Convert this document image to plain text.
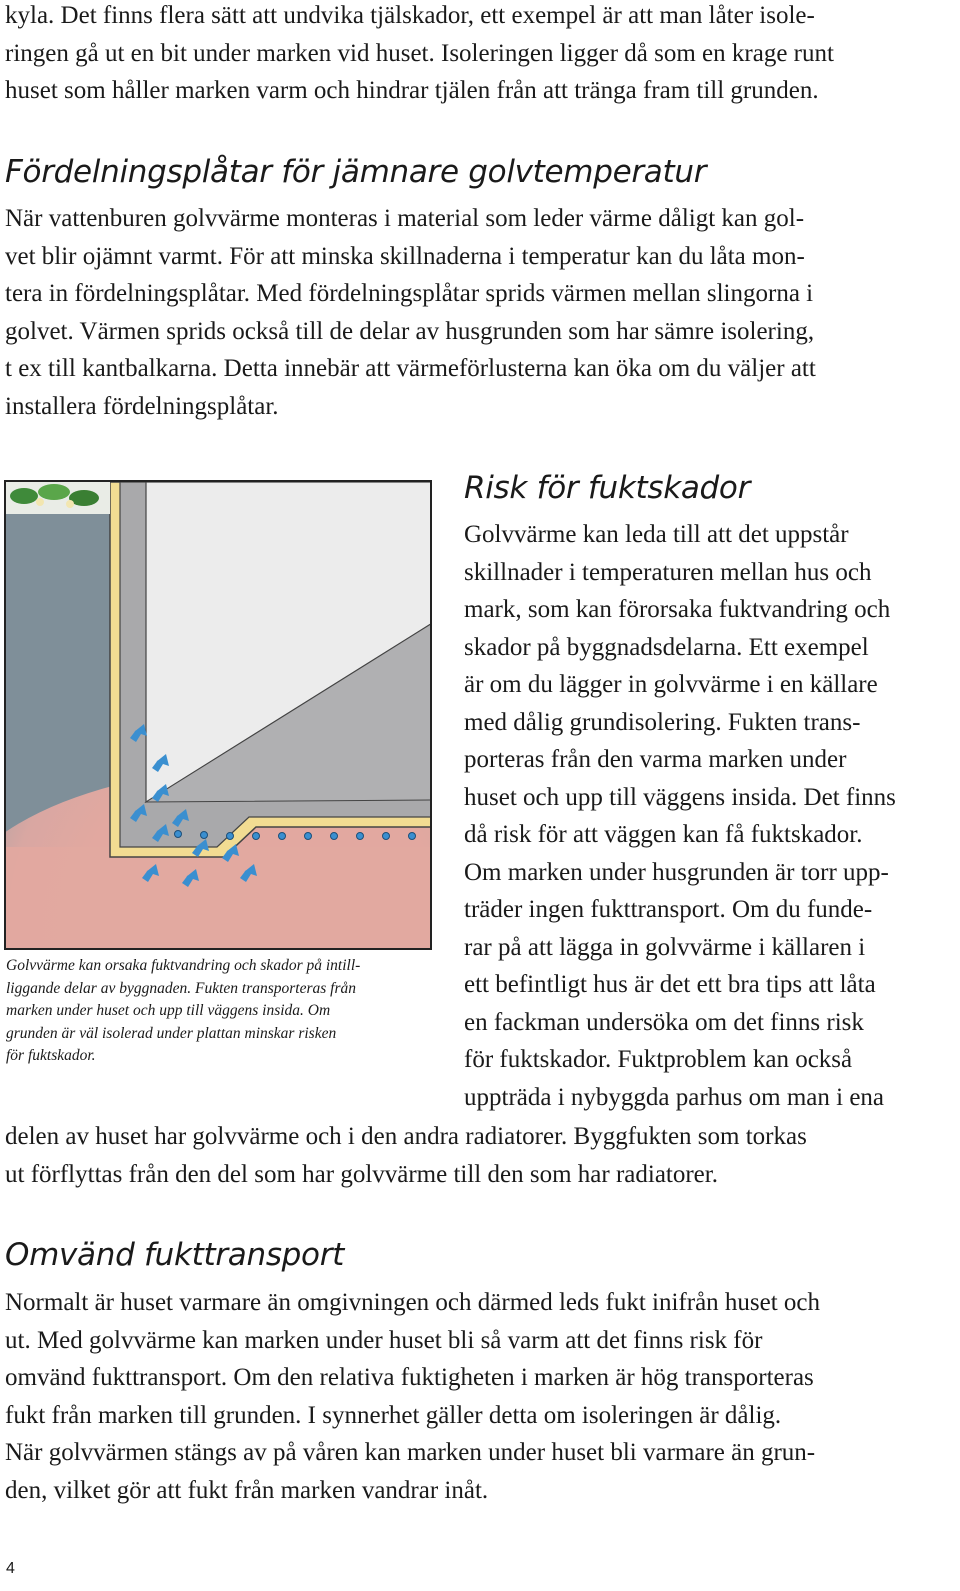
kyla. Det finns flera sätt att undvika tjälskador, ett exempel är att man låter isole-
ringen gå ut en bit under marken vid huset. Isoleringen ligger då som en krage runt
huset som håller marken varm och hindrar tjälen från att tränga fram till grunden.
Fördelningsplåtar för jämnare golvtemperatur
När vattenburen golvvärme monteras i material som leder värme dåligt kan gol-
vet blir ojämnt varmt. För att minska skillnaderna i temperatur kan du låta mon-
tera in fördelningsplåtar. Med fördelningsplåtar sprids värmen mellan slingorna i
golvet. Värmen sprids också till de delar av husgrunden som har sämre isolering,
t ex till kantbalkarna. Detta innebär att värmeförlusterna kan öka om du väljer att
installera fördelningsplåtar.
Golvvärme kan orsaka fuktvandring och skador på intill-
liggande delar av byggnaden. Fukten transporteras från
marken under huset och upp till väggens insida. Om
grunden är väl isolerad under plattan minskar risken
för fuktskador.
Risk för fuktskador
Golvvärme kan leda till att det uppstår
skillnader i temperaturen mellan hus och
mark, som kan förorsaka fuktvandring och
skador på byggnadsdelarna. Ett exempel
är om du lägger in golvvärme i en källare
med dålig grundisolering. Fukten trans-
porteras från den varma marken under
huset och upp till väggens insida. Det finns
då risk för att väggen kan få fuktskador.
Om marken under husgrunden är torr upp-
träder ingen fukttransport. Om du funde-
rar på att lägga in golvvärme i källaren i
ett befintligt hus är det ett bra tips att låta
en fackman undersöka om det finns risk
för fuktskador. Fuktproblem kan också
uppträda i nybyggda parhus om man i ena
delen av huset har golvvärme och i den andra radiatorer. Byggfukten som torkas
ut förflyttas från den del som har golvvärme till den som har radiatorer.
Omvänd fukttransport
Normalt är huset varmare än omgivningen och därmed leds fukt inifrån huset och
ut. Med golvvärme kan marken under huset bli så varm att det finns risk för
omvänd fukttransport. Om den relativa fuktigheten i marken är hög transporteras
fukt från marken till grunden. I synnerhet gäller detta om isoleringen är dålig.
När golvvärmen stängs av på våren kan marken under huset bli varmare än grun-
den, vilket gör att fukt från marken vandrar inåt.
4
